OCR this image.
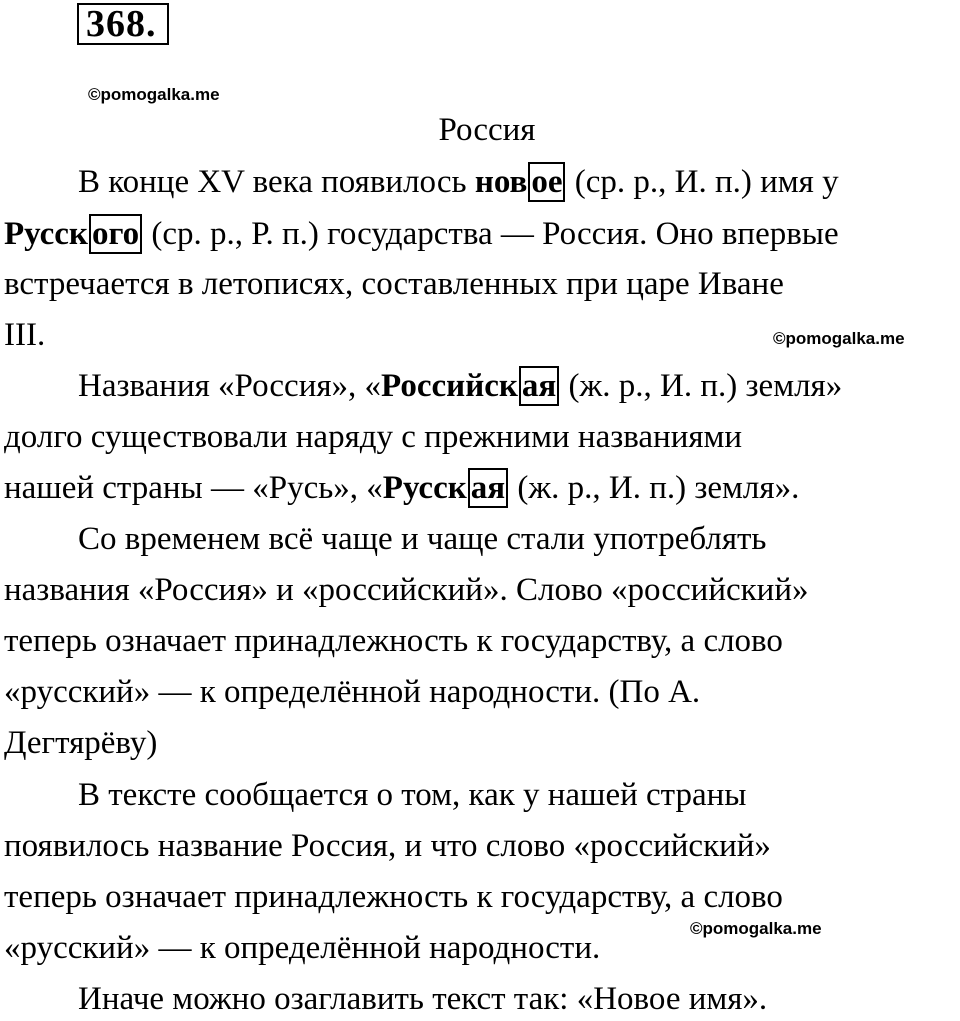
368.
©pomogalka.me
Россия
В конце XV века появилось нов ое (ср. р., И. п.) имя у
Русск ого (ср. р., Р. п.) государства — Россия. Оно впервые
встречается в летописях, составленных при царе Иване
III.	©pomogalka.me
Названия «Россия», «Российск ая (ж. р., И. п.) земля»
долго существовали наряду с прежними названиями
нашей страны — «Русь», «Русск ая (ж. р., И. п.) земля».
Со временем всё чаще и чаще стали употреблять
названия «Россия» и «российский». Слово «российский»
теперь означает принадлежность к государству, а слово
«русский» — к определённой народности. (По А.
Дегтярёву)
В тексте сообщается о том, как у нашей страны
появилось название Россия, и что слово «российский»
теперь означает принадлежность к государству, а слово
«русский» — к определённой народности.
©pomogalka.me
Иначе можно озаглавить текст так: «Новое имя».
